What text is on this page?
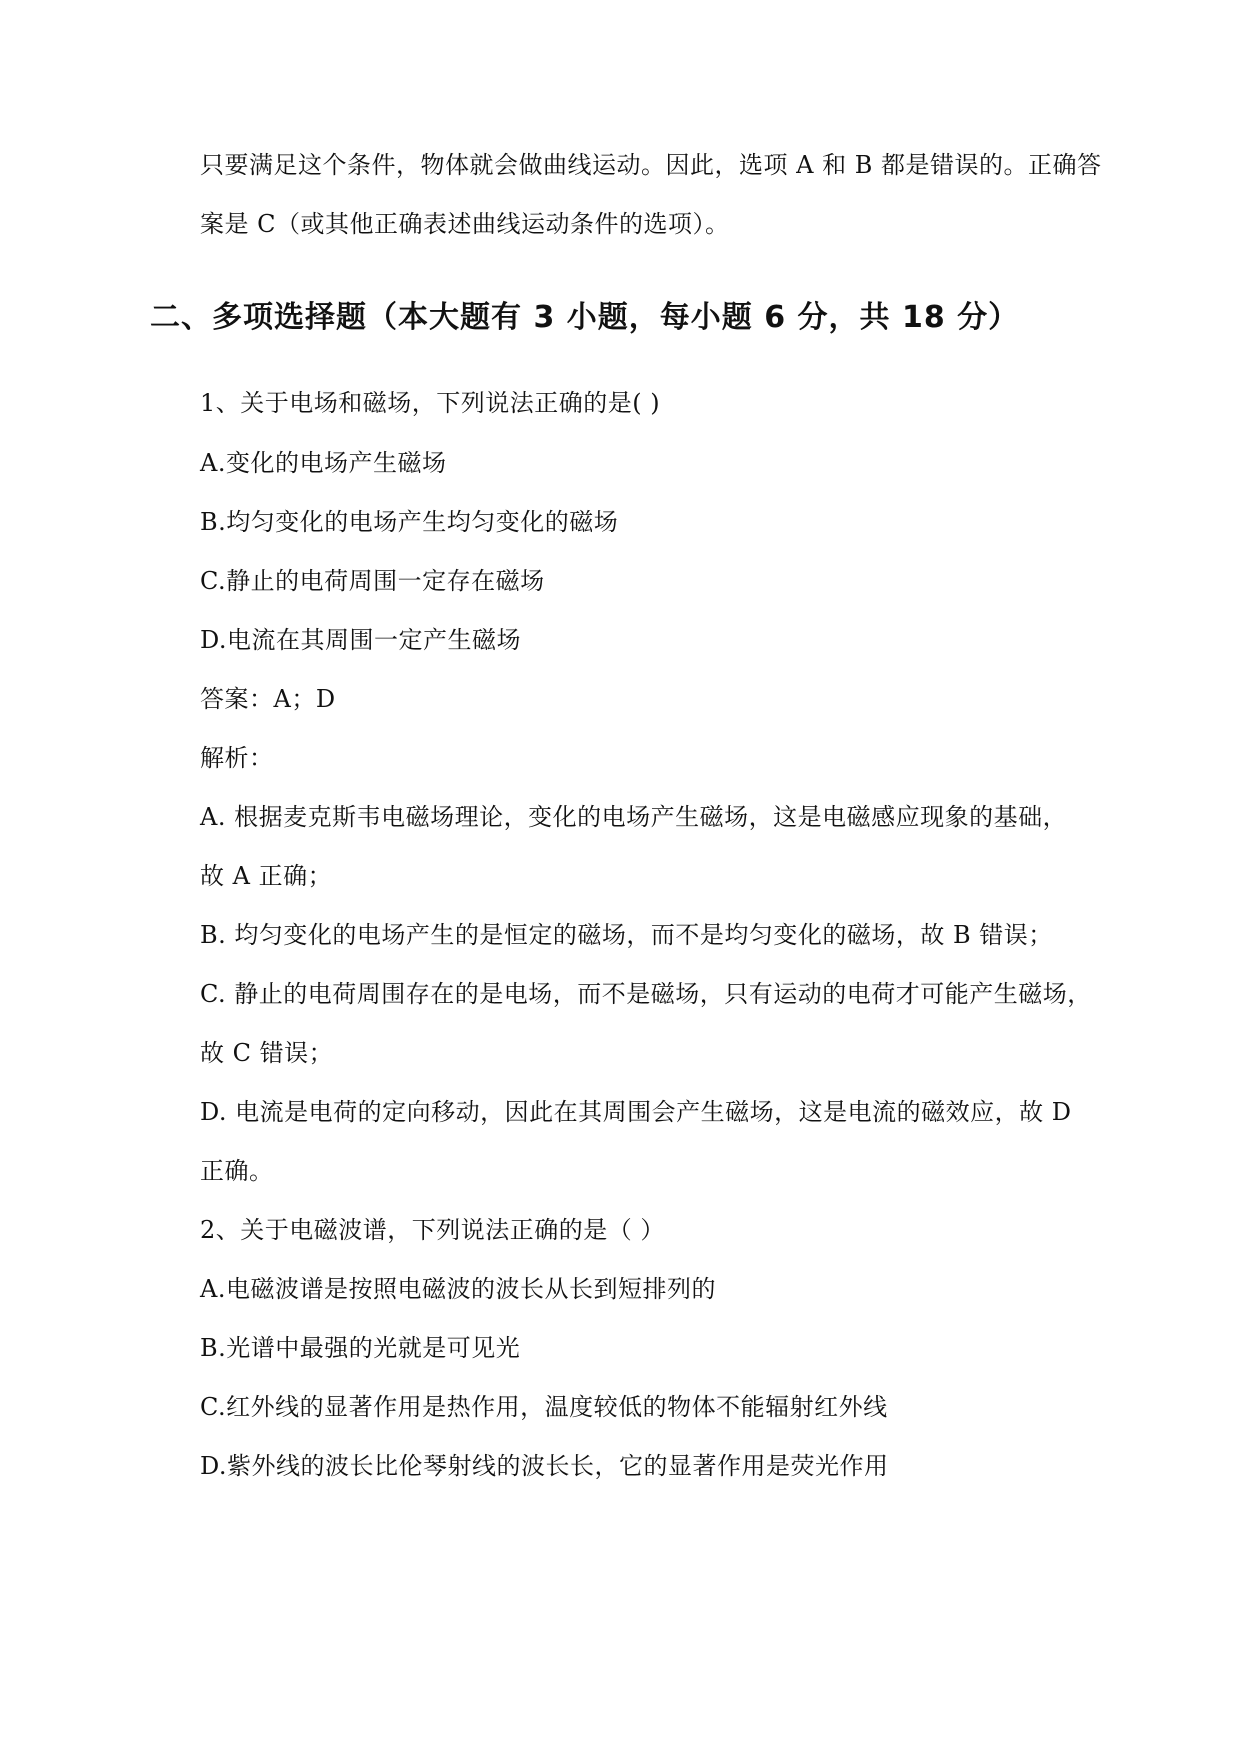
只要满足这个条件，物体就会做曲线运动。因此，选项 A 和 B 都是错误的。正确答
案是 C（或其他正确表述曲线运动条件的选项）。
二、多项选择题（本大题有 3 小题，每小题 6 分，共 18 分）
1、关于电场和磁场，下列说法正确的是( )
A.变化的电场产生磁场
B.均匀变化的电场产生均匀变化的磁场
C.静止的电荷周围一定存在磁场
D.电流在其周围一定产生磁场
答案：A；D
解析：
A. 根据麦克斯韦电磁场理论，变化的电场产生磁场，这是电磁感应现象的基础，
故 A 正确；
B. 均匀变化的电场产生的是恒定的磁场，而不是均匀变化的磁场，故 B 错误；
C. 静止的电荷周围存在的是电场，而不是磁场，只有运动的电荷才可能产生磁场，
故 C 错误；
D. 电流是电荷的定向移动，因此在其周围会产生磁场，这是电流的磁效应，故 D
正确。
2、关于电磁波谱，下列说法正确的是（ ）
A.电磁波谱是按照电磁波的波长从长到短排列的
B.光谱中最强的光就是可见光
C.红外线的显著作用是热作用，温度较低的物体不能辐射红外线
D.紫外线的波长比伦琴射线的波长长，它的显著作用是荧光作用
